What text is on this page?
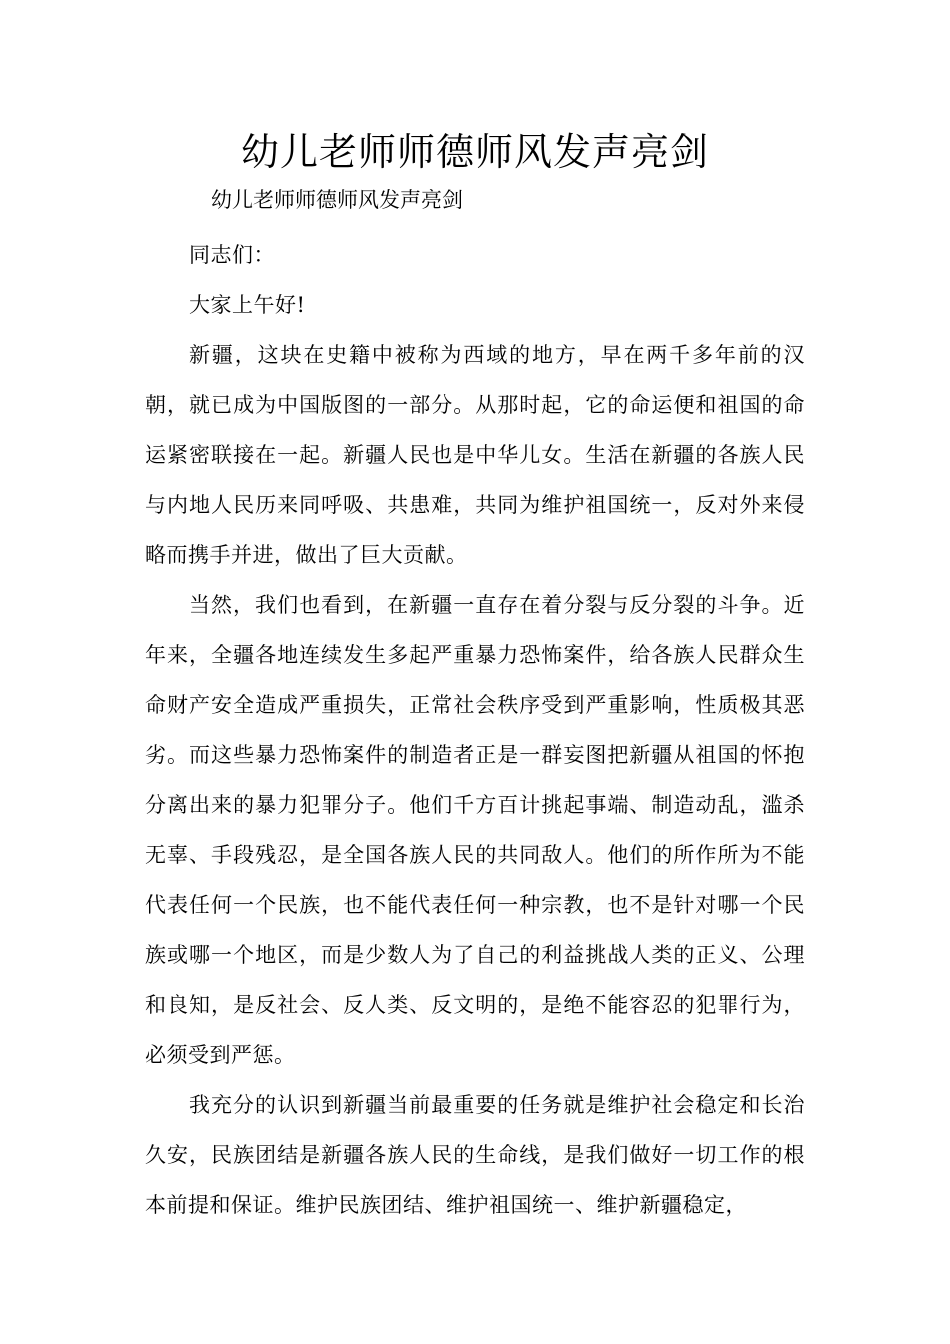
幼儿老师师德师风发声亮剑
幼儿老师师德师风发声亮剑

同志们：

大家上午好!

新疆，这块在史籍中被称为西域的地方，早在两千多年前的汉朝，就已成为中国版图的一部分。从那时起，它的命运便和祖国的命运紧密联接在一起。新疆人民也是中华儿女。生活在新疆的各族人民与内地人民历来同呼吸、共患难，共同为维护祖国统一，反对外来侵略而携手并进，做出了巨大贡献。

当然，我们也看到，在新疆一直存在着分裂与反分裂的斗争。近年来，全疆各地连续发生多起严重暴力恐怖案件，给各族人民群众生命财产安全造成严重损失，正常社会秩序受到严重影响，性质极其恶劣。而这些暴力恐怖案件的制造者正是一群妄图把新疆从祖国的怀抱分离出来的暴力犯罪分子。他们千方百计挑起事端、制造动乱，滥杀无辜、手段残忍，是全国各族人民的共同敌人。他们的所作所为不能代表任何一个民族，也不能代表任何一种宗教，也不是针对哪一个民族或哪一个地区，而是少数人为了自己的利益挑战人类的正义、公理和良知，是反社会、反人类、反文明的，是绝不能容忍的犯罪行为，必须受到严惩。

我充分的认识到新疆当前最重要的任务就是维护社会稳定和长治久安，民族团结是新疆各族人民的生命线，是我们做好一切工作的根本前提和保证。维护民族团结、维护祖国统一、维护新疆稳定，
